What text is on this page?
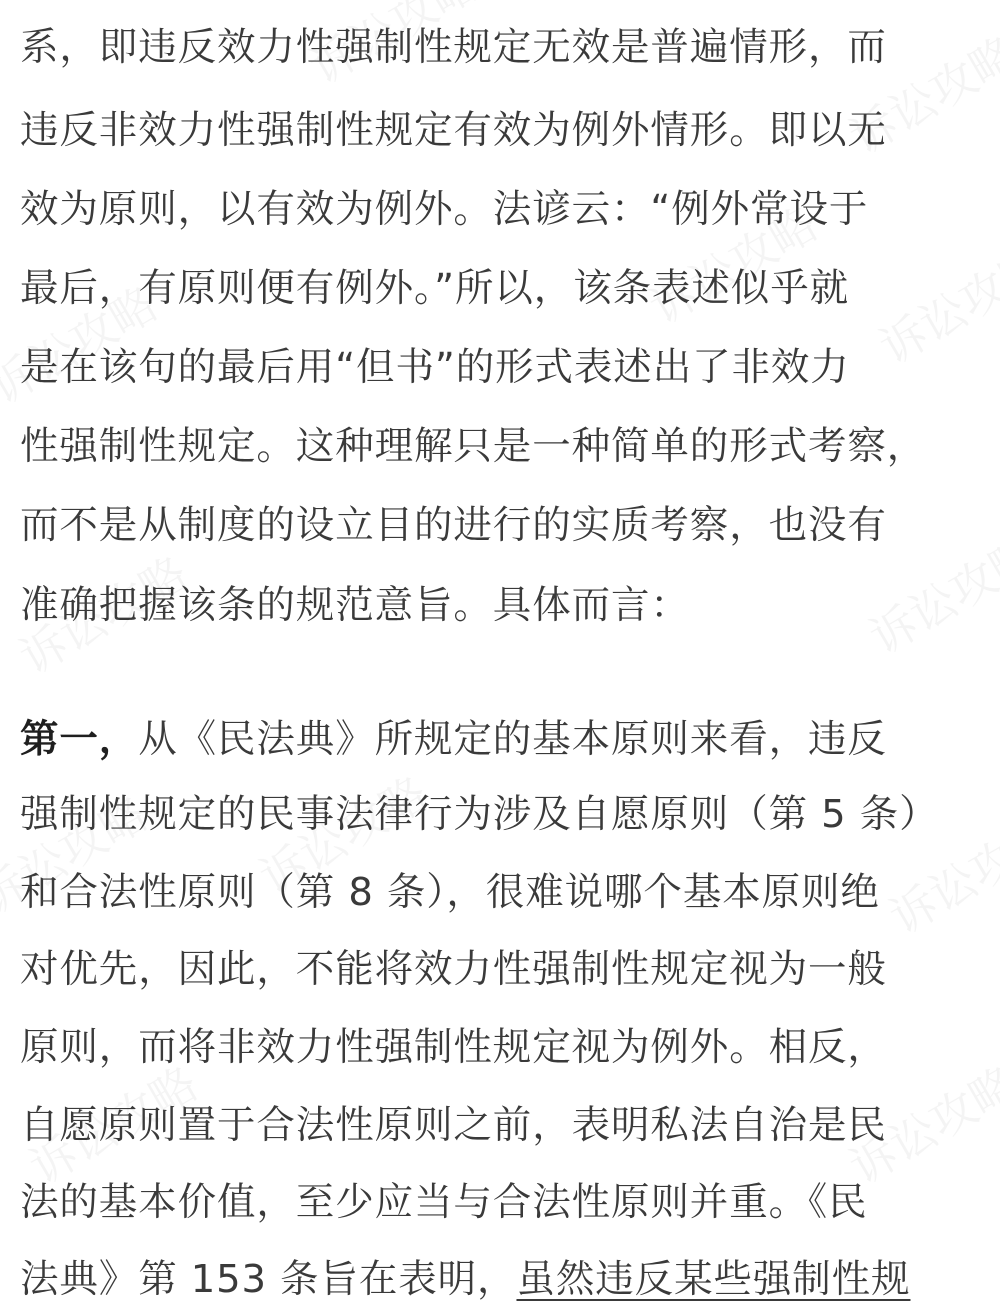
系，即违反效力性强制性规定无效是普遍情形，而
违反非效力性强制性规定有效为例外情形。即以无
效为原则，以有效为例外。法谚云：“例外常设于
最后，有原则便有例外。”所以，该条表述似乎就
是在该句的最后用“但书”的形式表述出了非效力
性强制性规定。这种理解只是一种简单的形式考察，
而不是从制度的设立目的进行的实质考察，也没有
准确把握该条的规范意旨。具体而言：
第一，从《民法典》所规定的基本原则来看，违反
强制性规定的民事法律行为涉及自愿原则（第 5 条）
和合法性原则（第 8 条），很难说哪个基本原则绝
对优先，因此，不能将效力性强制性规定视为一般
原则，而将非效力性强制性规定视为例外。相反，
自愿原则置于合法性原则之前，表明私法自治是民
法的基本价值，至少应当与合法性原则并重。《民
法典》第 153 条旨在表明，虽然违反某些强制性规
